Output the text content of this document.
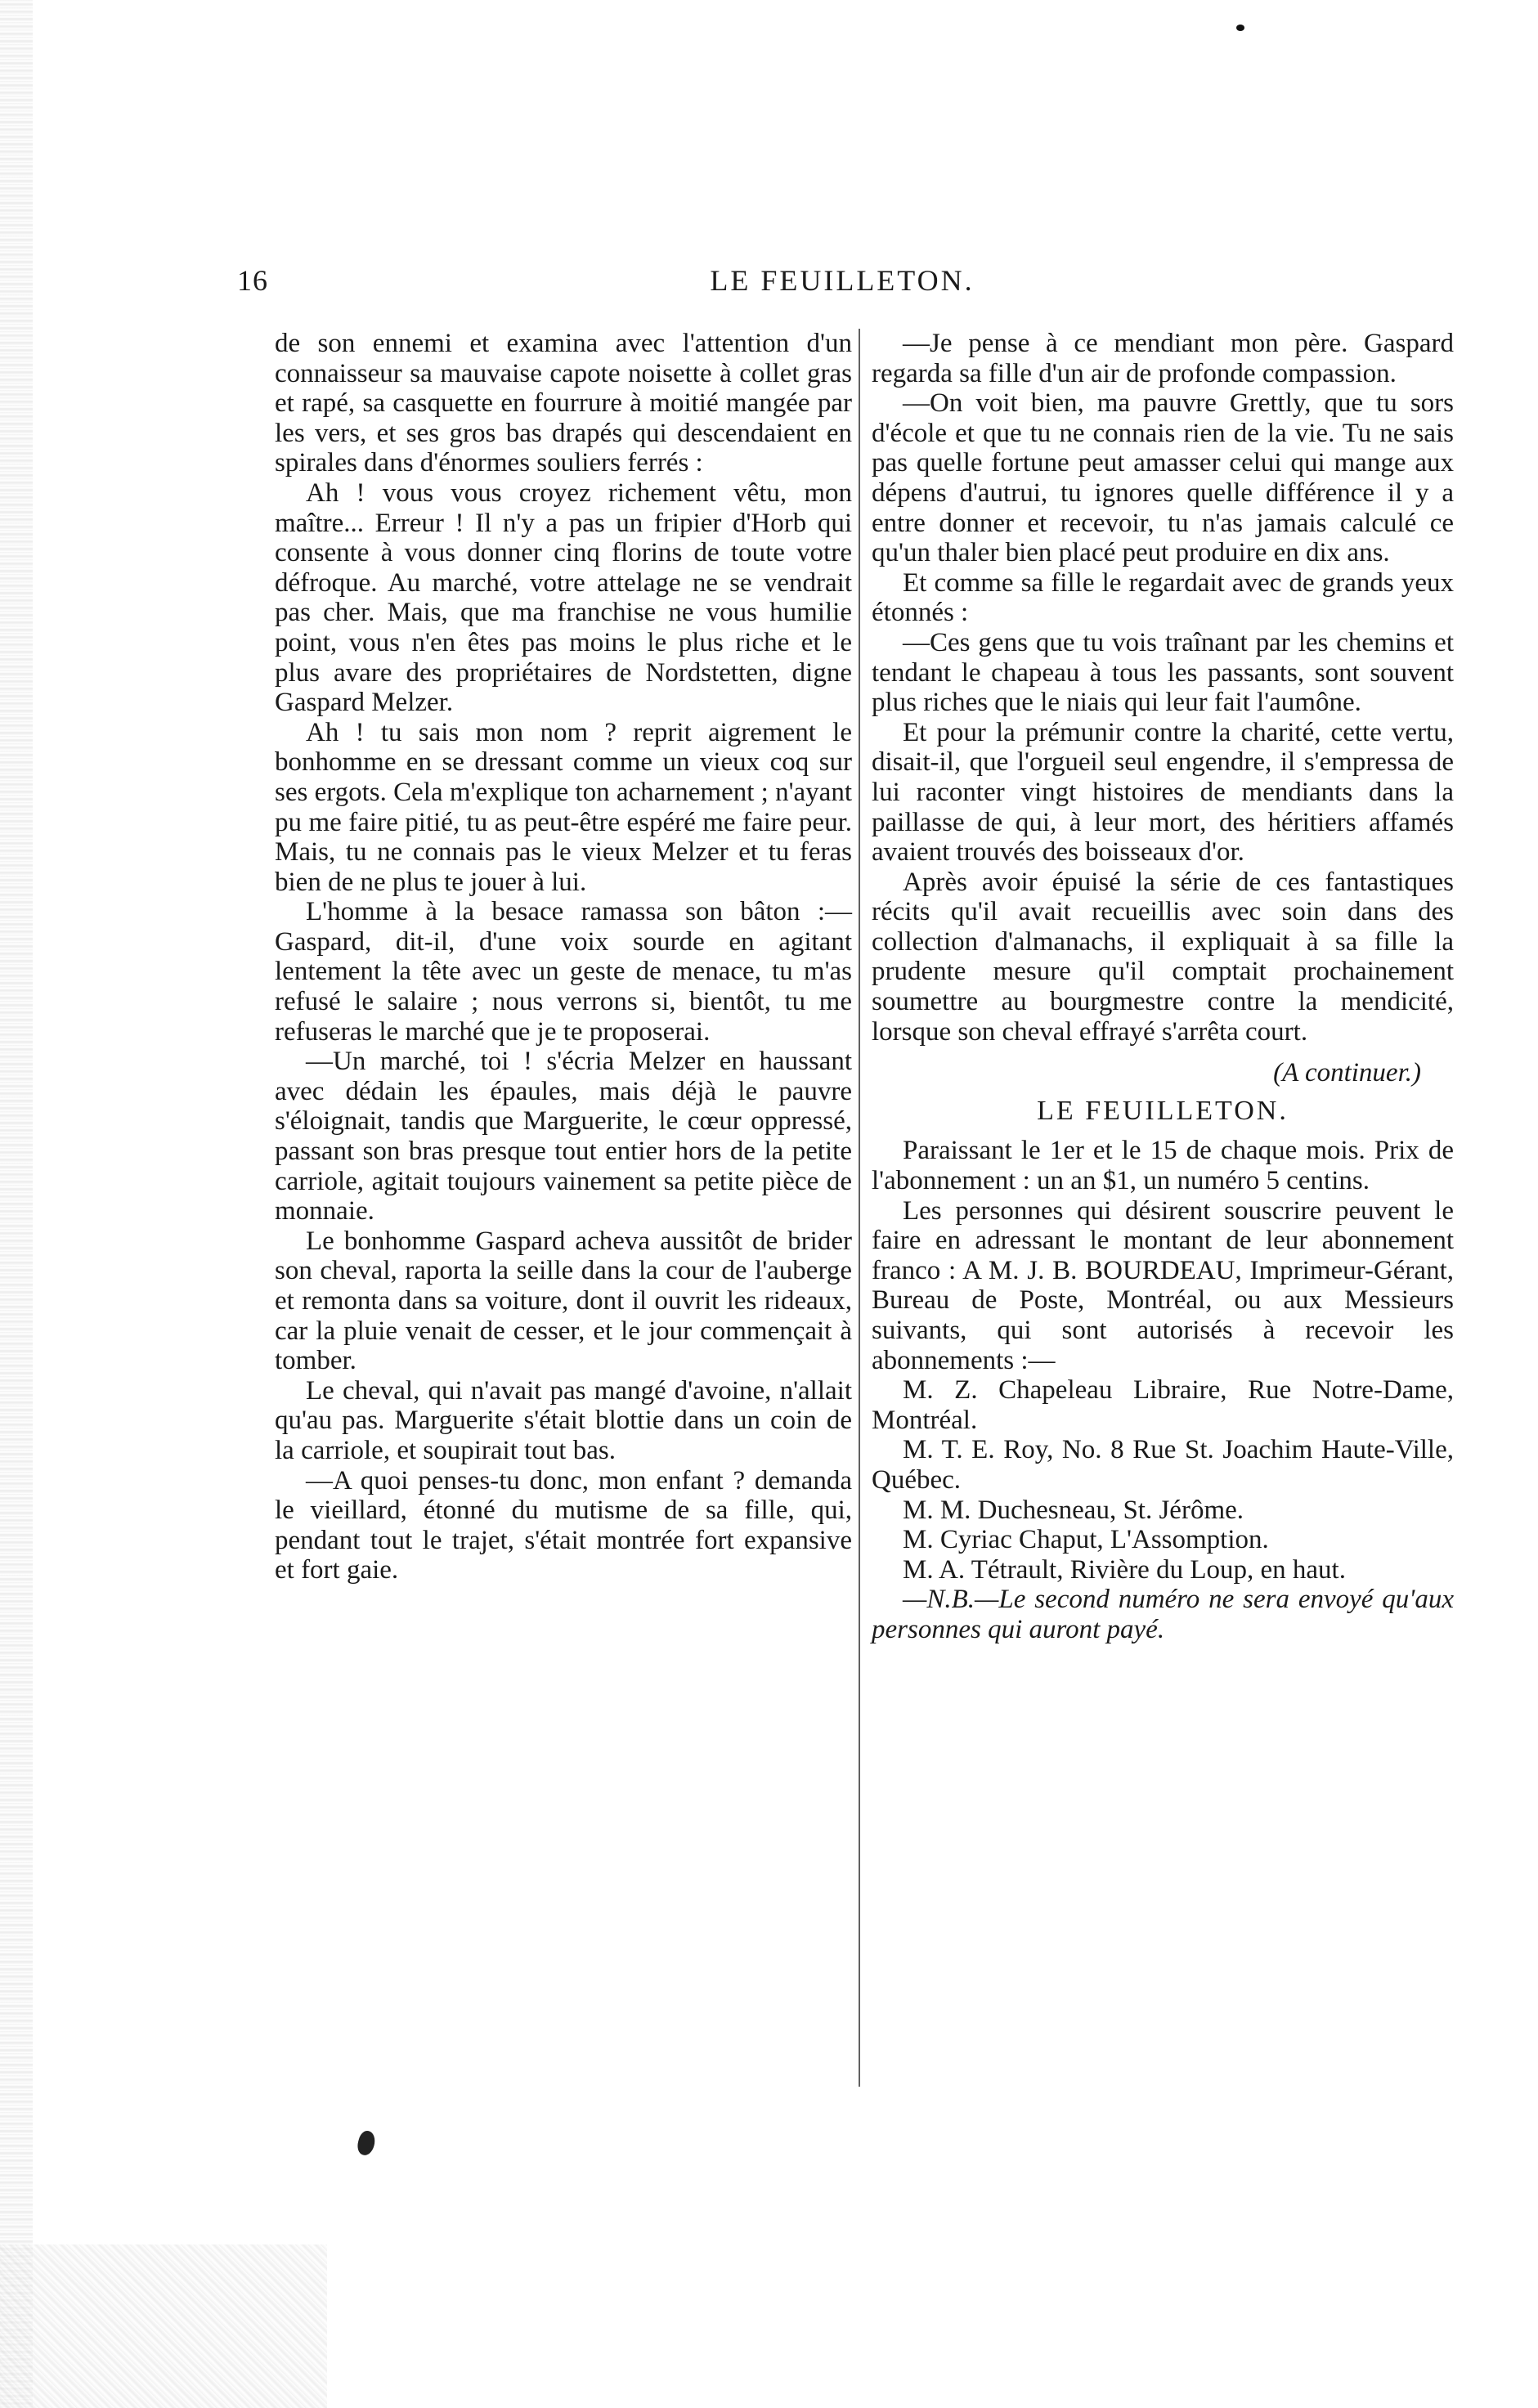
16	LE FEUILLETON.

de son ennemi et examina avec l'attention d'un connaisseur sa mauvaise capote noisette à collet gras et rapé, sa casquette en fourrure à moitié mangée par les vers, et ses gros bas drapés qui descendaient en spirales dans d'énormes souliers ferrés :

Ah ! vous vous croyez richement vêtu, mon maître... Erreur ! Il n'y a pas un fripier d'Horb qui consente à vous donner cinq florins de toute votre défroque. Au marché, votre attelage ne se vendrait pas cher. Mais, que ma franchise ne vous humilie point, vous n'en êtes pas moins le plus riche et le plus avare des propriétaires de Nordstetten, digne Gaspard Melzer.

Ah ! tu sais mon nom ? reprit aigrement le bonhomme en se dressant comme un vieux coq sur ses ergots. Cela m'explique ton acharnement ; n'ayant pu me faire pitié, tu as peut-être espéré me faire peur. Mais, tu ne connais pas le vieux Melzer et tu feras bien de ne plus te jouer à lui.

L'homme à la besace ramassa son bâton :—Gaspard, dit-il, d'une voix sourde en agitant lentement la tête avec un geste de menace, tu m'as refusé le salaire ; nous verrons si, bientôt, tu me refuseras le marché que je te proposerai.

—Un marché, toi ! s'écria Melzer en haussant avec dédain les épaules, mais déjà le pauvre s'éloignait, tandis que Marguerite, le cœur oppressé, passant son bras presque tout entier hors de la petite carriole, agitait toujours vainement sa petite pièce de monnaie.

Le bonhomme Gaspard acheva aussitôt de brider son cheval, raporta la seille dans la cour de l'auberge et remonta dans sa voiture, dont il ouvrit les rideaux, car la pluie venait de cesser, et le jour commençait à tomber.

Le cheval, qui n'avait pas mangé d'avoine, n'allait qu'au pas. Marguerite s'était blottie dans un coin de la carriole, et soupirait tout bas.

—A quoi penses-tu donc, mon enfant ? demanda le vieillard, étonné du mutisme de sa fille, qui, pendant tout le trajet, s'était montrée fort expansive et fort gaie.

—Je pense à ce mendiant mon père. Gaspard regarda sa fille d'un air de profonde compassion.

—On voit bien, ma pauvre Grettly, que tu sors d'école et que tu ne connais rien de la vie. Tu ne sais pas quelle fortune peut amasser celui qui mange aux dépens d'autrui, tu ignores quelle différence il y a entre donner et recevoir, tu n'as jamais calculé ce qu'un thaler bien placé peut produire en dix ans.

Et comme sa fille le regardait avec de grands yeux étonnés :

—Ces gens que tu vois traînant par les chemins et tendant le chapeau à tous les passants, sont souvent plus riches que le niais qui leur fait l'aumône.

Et pour la prémunir contre la charité, cette vertu, disait-il, que l'orgueil seul engendre, il s'empressa de lui raconter vingt histoires de mendiants dans la paillasse de qui, à leur mort, des héritiers affamés avaient trouvés des boisseaux d'or.

Après avoir épuisé la série de ces fantastiques récits qu'il avait recueillis avec soin dans des collection d'almanachs, il expliquait à sa fille la prudente mesure qu'il comptait prochainement soumettre au bourgmestre contre la mendicité, lorsque son cheval effrayé s'arrêta court.

(A continuer.)

LE FEUILLETON.

Paraissant le 1er et le 15 de chaque mois. Prix de l'abonnement : un an $1, un numéro 5 centins.

Les personnes qui désirent souscrire peuvent le faire en adressant le montant de leur abonnement franco : A M. J. B. BOURDEAU, Imprimeur-Gérant, Bureau de Poste, Montréal, ou aux Messieurs suivants, qui sont autorisés à recevoir les abonnements :—

M. Z. Chapeleau Libraire, Rue Notre-Dame, Montréal.

M. T. E. Roy, No. 8 Rue St. Joachim Haute-Ville, Québec.

M. M. Duchesneau, St. Jérôme.

M. Cyriac Chaput, L'Assomption.

M. A. Tétrault, Rivière du Loup, en haut.

—N.B.—Le second numéro ne sera envoyé qu'aux personnes qui auront payé.
